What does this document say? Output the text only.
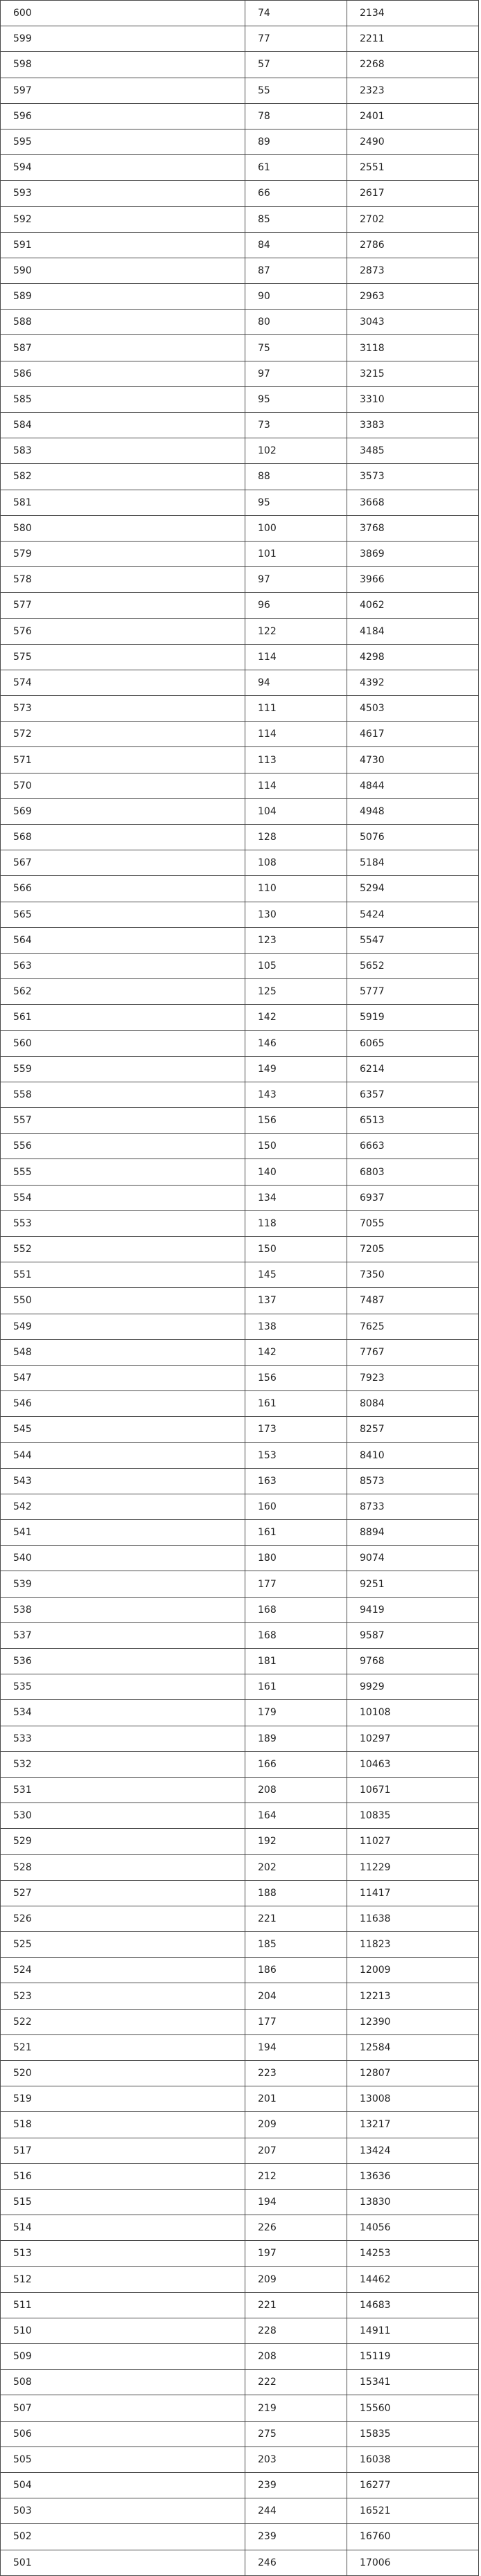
600	74	2134
599	77	2211
598	57	2268
597	55	2323
596	78	2401
595	89	2490
594	61	2551
593	66	2617
592	85	2702
591	84	2786
590	87	2873
589	90	2963
588	80	3043
587	75	3118
586	97	3215
585	95	3310
584	73	3383
583	102	3485
582	88	3573
581	95	3668
580	100	3768
579	101	3869
578	97	3966
577	96	4062
576	122	4184
575	114	4298
574	94	4392
573	111	4503
572	114	4617
571	113	4730
570	114	4844
569	104	4948
568	128	5076
567	108	5184
566	110	5294
565	130	5424
564	123	5547
563	105	5652
562	125	5777
561	142	5919
560	146	6065
559	149	6214
558	143	6357
557	156	6513
556	150	6663
555	140	6803
554	134	6937
553	118	7055
552	150	7205
551	145	7350
550	137	7487
549	138	7625
548	142	7767
547	156	7923
546	161	8084
545	173	8257
544	153	8410
543	163	8573
542	160	8733
541	161	8894
540	180	9074
539	177	9251
538	168	9419
537	168	9587
536	181	9768
535	161	9929
534	179	10108
533	189	10297
532	166	10463
531	208	10671
530	164	10835
529	192	11027
528	202	11229
527	188	11417
526	221	11638
525	185	11823
524	186	12009
523	204	12213
522	177	12390
521	194	12584
520	223	12807
519	201	13008
518	209	13217
517	207	13424
516	212	13636
515	194	13830
514	226	14056
513	197	14253
512	209	14462
511	221	14683
510	228	14911
509	208	15119
508	222	15341
507	219	15560
506	275	15835
505	203	16038
504	239	16277
503	244	16521
502	239	16760
501	246	17006
